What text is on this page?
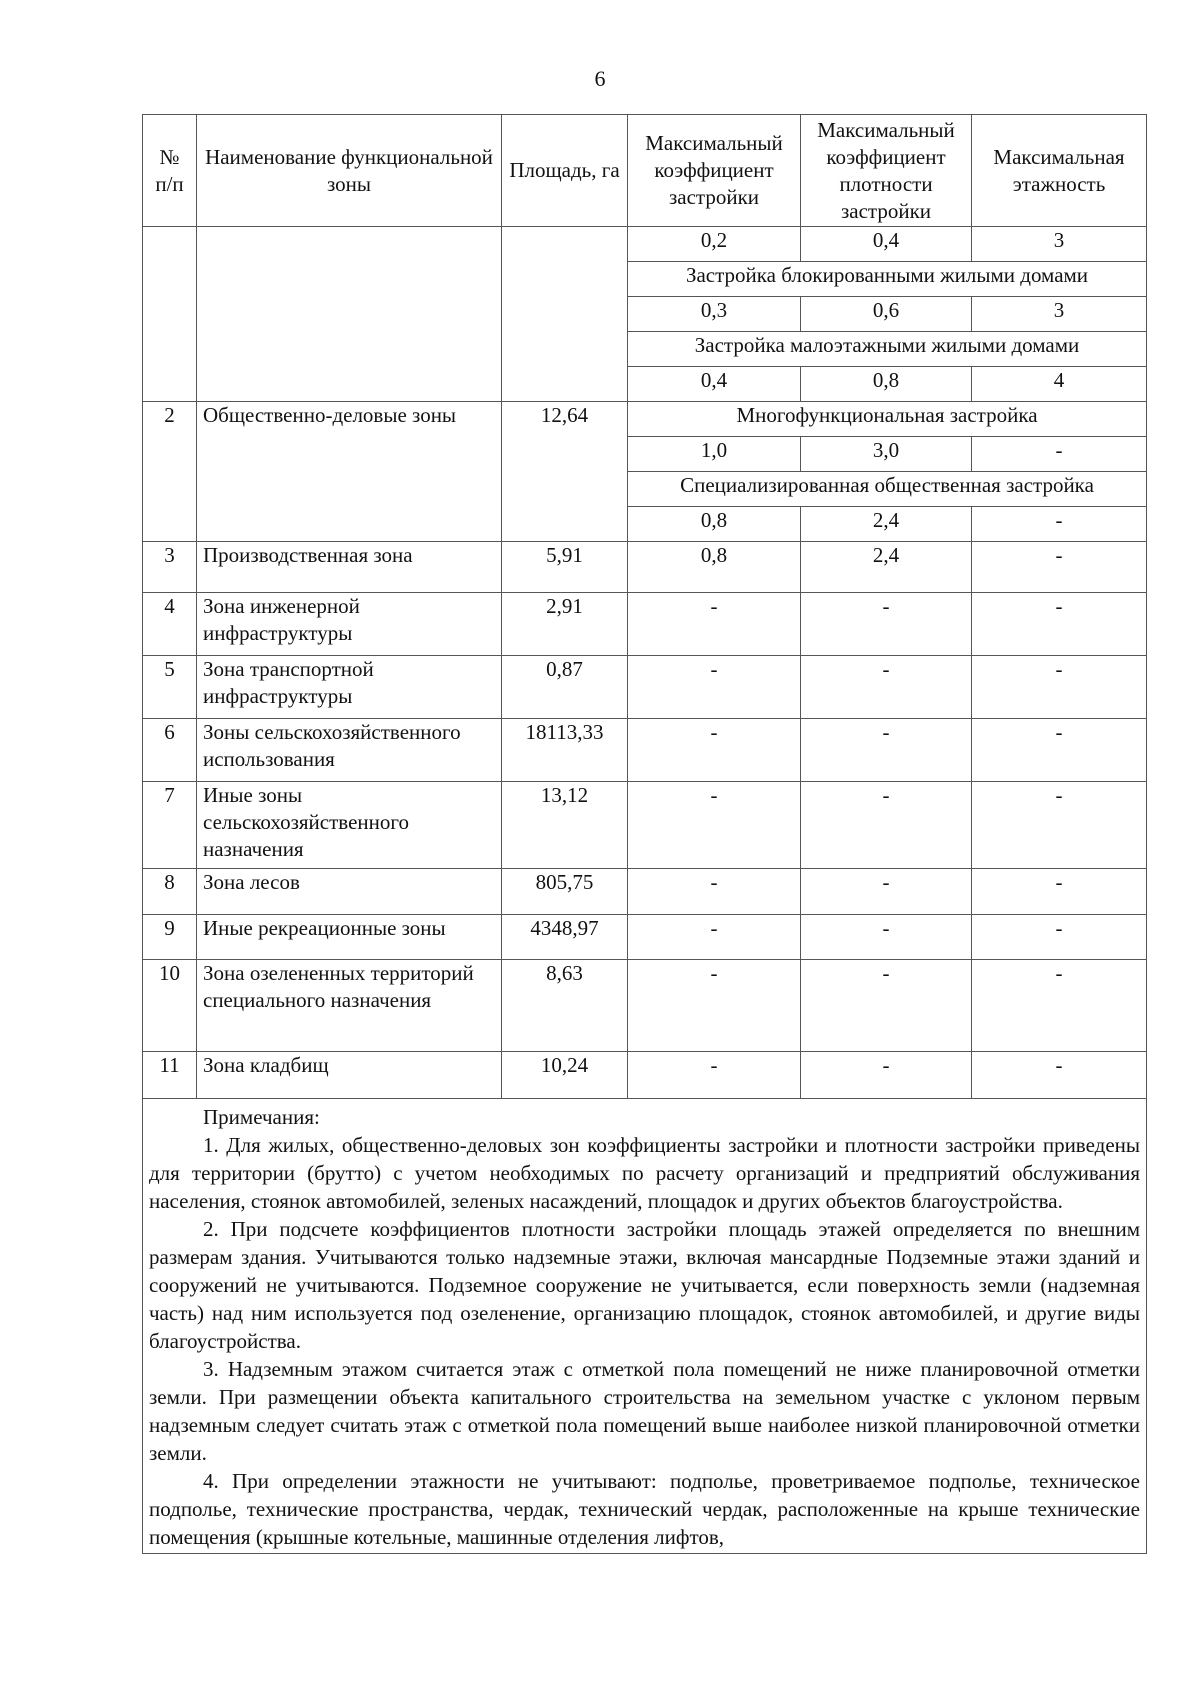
6
№ п/п	Наименование функциональной зоны	Площадь, га	Максимальный коэффициент застройки	Максимальный коэффициент плотности застройки	Максимальная этажность
			0,2	0,4	3
			Застройка блокированными жилыми домами		
			0,3	0,6	3
			Застройка малоэтажными жилыми домами		
			0,4	0,8	4
2	Общественно-деловые зоны	12,64	Многофункциональная застройка		
			1,0	3,0	-
			Специализированная общественная застройка		
			0,8	2,4	-
3	Производственная зона	5,91	0,8	2,4	-
4	Зона инженерной инфраструктуры	2,91	-	-	-
5	Зона транспортной инфраструктуры	0,87	-	-	-
6	Зоны сельскохозяйственного использования	18113,33	-	-	-
7	Иные зоны сельскохозяйственного назначения	13,12	-	-	-
8	Зона лесов	805,75	-	-	-
9	Иные рекреационные зоны	4348,97	-	-	-
10	Зона озелененных территорий специального назначения	8,63	-	-	-
11	Зона кладбищ	10,24	-	-	-

Примечания:

1. Для жилых, общественно-деловых зон коэффициенты застройки и плотности застройки приведены для территории (брутто) с учетом необходимых по расчету организаций и предприятий обслуживания населения, стоянок автомобилей, зеленых насаждений, площадок и других объектов благоустройства.

2. При подсчете коэффициентов плотности застройки площадь этажей определяется по внешним размерам здания. Учитываются только надземные этажи, включая мансардные Подземные этажи зданий и сооружений не учитываются. Подземное сооружение не учитывается, если поверхность земли (надземная часть) над ним используется под озеленение, организацию площадок, стоянок автомобилей, и другие виды благоустройства.

3. Надземным этажом считается этаж с отметкой пола помещений не ниже планировочной отметки земли. При размещении объекта капитального строительства на земельном участке с уклоном первым надземным следует считать этаж с отметкой пола помещений выше наиболее низкой планировочной отметки земли.

4. При определении этажности не учитывают: подполье, проветриваемое подполье, техническое подполье, технические пространства, чердак, технический чердак, расположенные на крыше технические помещения (крышные котельные, машинные отделения лифтов,					
